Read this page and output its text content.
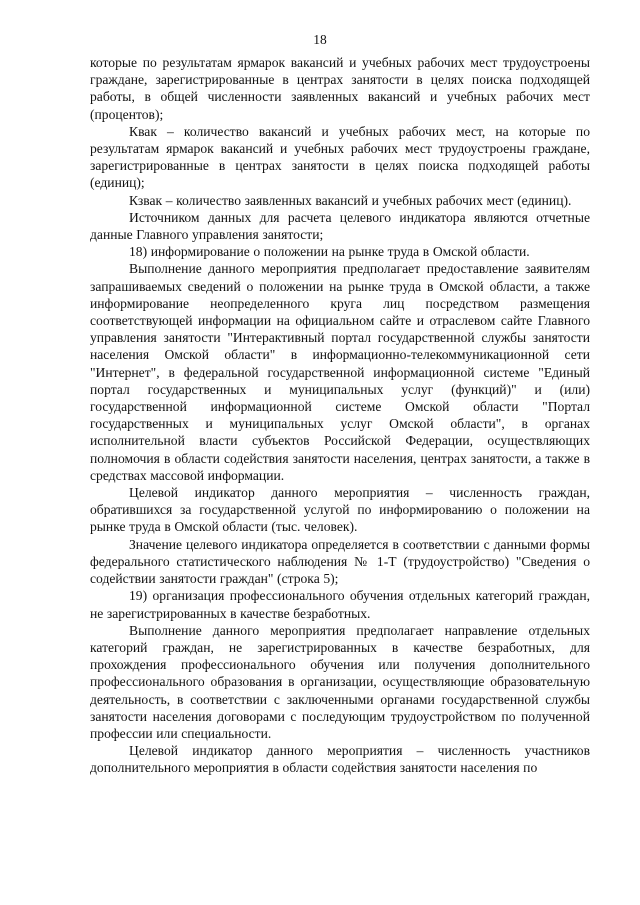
18

которые по результатам ярмарок вакансий и учебных рабочих мест трудоустроены граждане, зарегистрированные в центрах занятости в целях поиска подходящей работы, в общей численности заявленных вакансий и учебных рабочих мест (процентов);

Квак – количество вакансий и учебных рабочих мест, на которые по результатам ярмарок вакансий и учебных рабочих мест трудоустроены граждане, зарегистрированные в центрах занятости в целях поиска подходящей работы (единиц);

Кзвак – количество заявленных вакансий и учебных рабочих мест (единиц).

Источником данных для расчета целевого индикатора являются отчетные данные Главного управления занятости;

18) информирование о положении на рынке труда в Омской области.

Выполнение данного мероприятия предполагает предоставление заявителям запрашиваемых сведений о положении на рынке труда в Омской области, а также информирование неопределенного круга лиц посредством размещения соответствующей информации на официальном сайте и отраслевом сайте Главного управления занятости "Интерактивный портал государственной службы занятости населения Омской области" в информационно-телекоммуникационной сети "Интернет", в федеральной государственной информационной системе "Единый портал государственных и муниципальных услуг (функций)" и (или) государственной информационной системе Омской области "Портал государственных и муниципальных услуг Омской области", в органах исполнительной власти субъектов Российской Федерации, осуществляющих полномочия в области содействия занятости населения, центрах занятости, а также в средствах массовой информации.

Целевой индикатор данного мероприятия – численность граждан, обратившихся за государственной услугой по информированию о положении на рынке труда в Омской области (тыс. человек).

Значение целевого индикатора определяется в соответствии с данными формы федерального статистического наблюдения № 1-Т (трудоустройство) "Сведения о содействии занятости граждан" (строка 5);

19) организация профессионального обучения отдельных категорий граждан, не зарегистрированных в качестве безработных.

Выполнение данного мероприятия предполагает направление отдельных категорий граждан, не зарегистрированных в качестве безработных, для прохождения профессионального обучения или получения дополнительного профессионального образования в организации, осуществляющие образовательную деятельность, в соответствии с заключенными органами государственной службы занятости населения договорами с последующим трудоустройством по полученной профессии или специальности.

Целевой индикатор данного мероприятия – численность участников дополнительного мероприятия в области содействия занятости населения по
